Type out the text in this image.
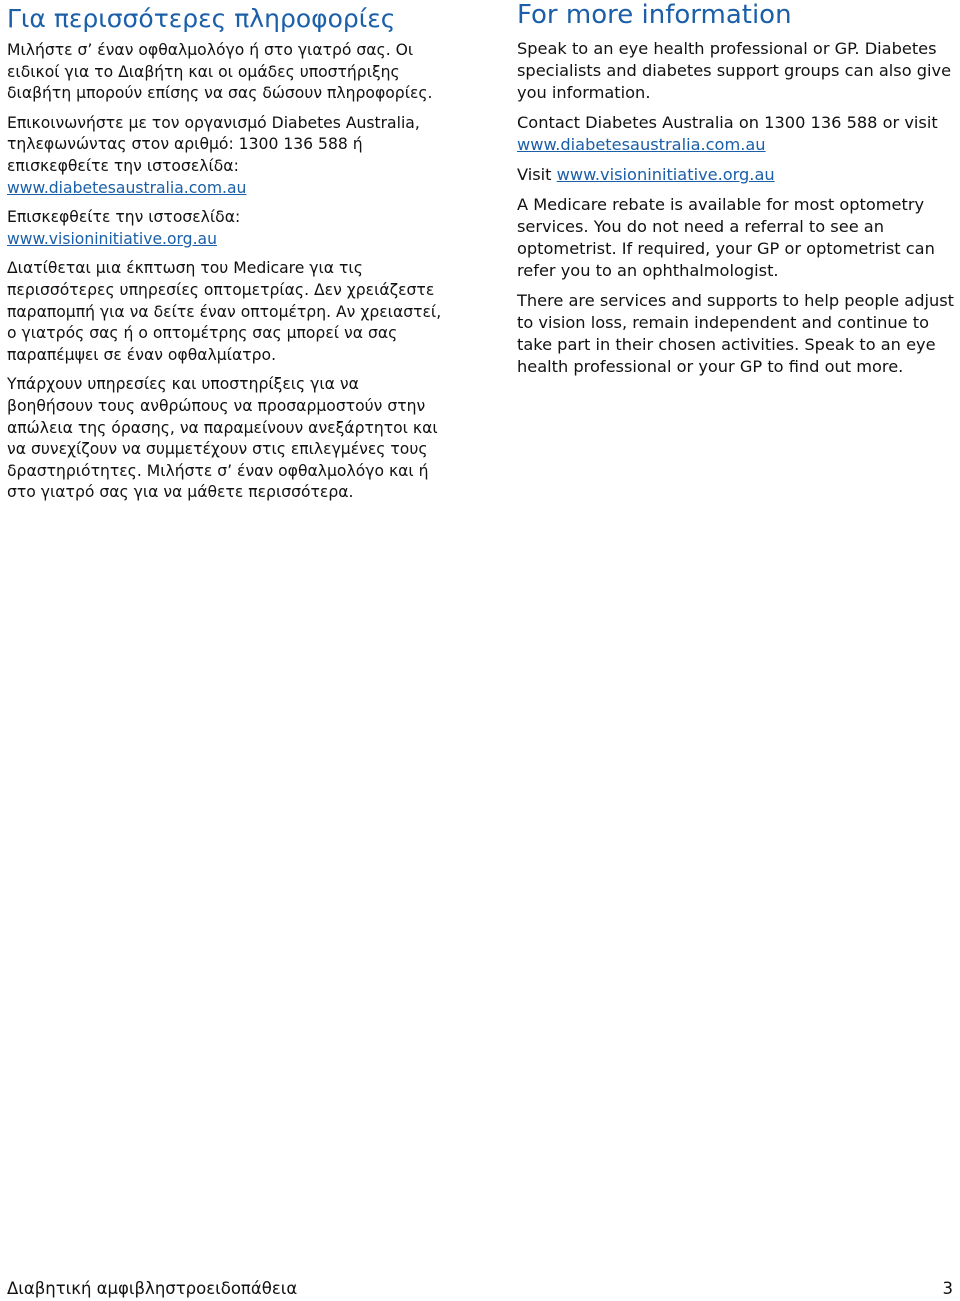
Για περισσότερες πληροφορίες

Μιλήστε σ’ έναν οφθαλμολόγο ή στο γιατρό σας. Οι ειδικοί για το Διαβήτη και οι ομάδες υποστήριξης διαβήτη μπορούν επίσης να σας δώσουν πληροφορίες.

Επικοινωνήστε με τον οργανισμό Diabetes Australia, τηλεφωνώντας στον αριθμό: 1300 136 588 ή επισκεφθείτε την ιστοσελίδα:
www.diabetesaustralia.com.au

Επισκεφθείτε την ιστοσελίδα:
www.visioninitiative.org.au

Διατίθεται μια έκπτωση του Medicare για τις περισσότερες υπηρεσίες οπτομετρίας. Δεν χρειάζεστε παραπομπή για να δείτε έναν οπτομέτρη. Αν χρειαστεί, ο γιατρός σας ή ο οπτομέτρης σας μπορεί να σας παραπέμψει σε έναν οφθαλμίατρο.

Υπάρχουν υπηρεσίες και υποστηρίξεις για να βοηθήσουν τους ανθρώπους να προσαρμοστούν στην απώλεια της όρασης, να παραμείνουν ανεξάρτητοι και να συνεχίζουν να συμμετέχουν στις επιλεγμένες τους δραστηριότητες. Μιλήστε σ’ έναν οφθαλμολόγο και ή στο γιατρό σας για να μάθετε περισσότερα.

For more information

Speak to an eye health professional or GP. Diabetes specialists and diabetes support groups can also give you information.

Contact Diabetes Australia on 1300 136 588 or visit www.diabetesaustralia.com.au

Visit www.visioninitiative.org.au

A Medicare rebate is available for most optometry services. You do not need a referral to see an optometrist. If required, your GP or optometrist can refer you to an ophthalmologist.

There are services and supports to help people adjust to vision loss, remain independent and continue to take part in their chosen activities. Speak to an eye health professional or your GP to find out more.

Διαβητική αμφιβληστροειδοπάθεια	3
